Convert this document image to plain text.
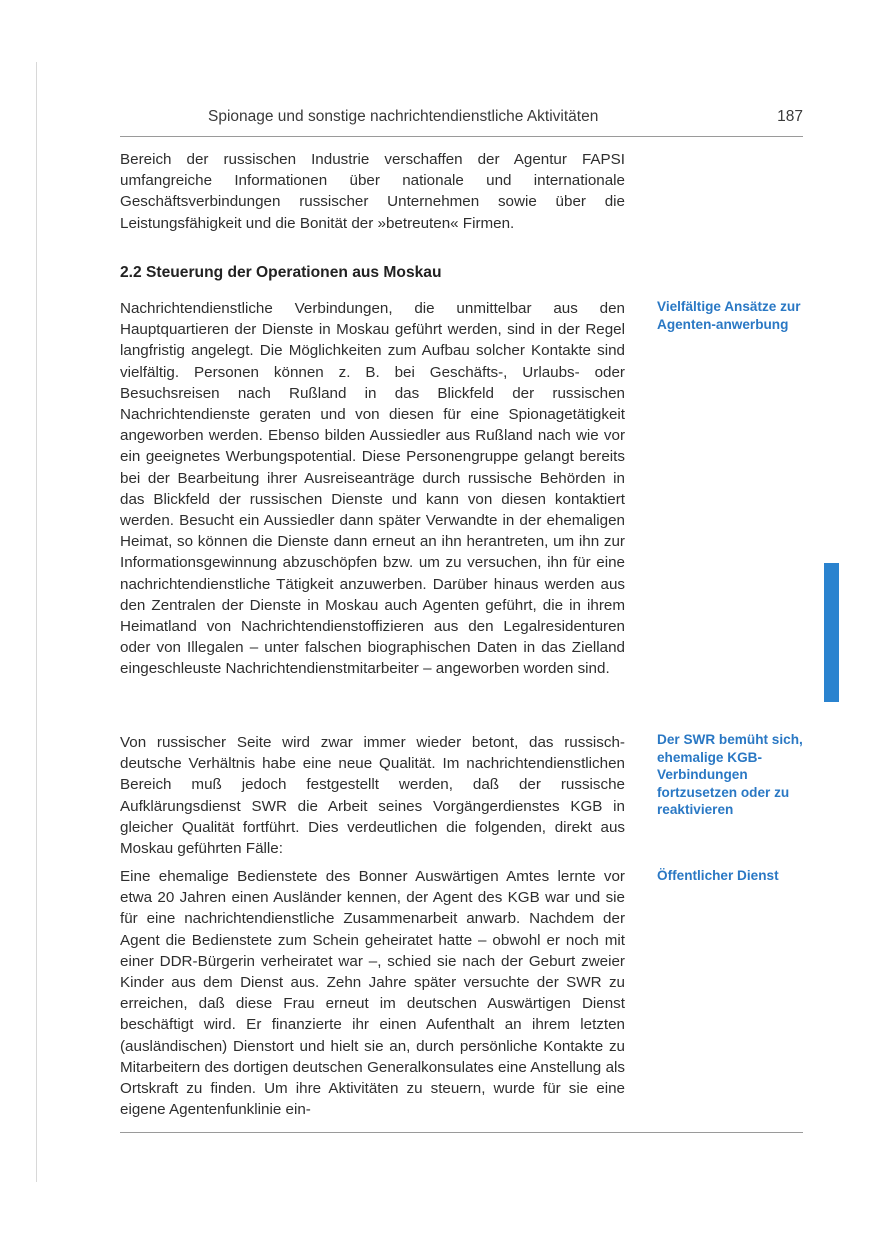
Spionage und sonstige nachrichtendienstliche Aktivitäten	187
Bereich der russischen Industrie verschaffen der Agentur FAPSI umfangreiche Informationen über nationale und internationale Geschäftsverbindungen russischer Unternehmen sowie über die Leistungsfähigkeit und die Bonität der »betreuten« Firmen.
2.2 Steuerung der Operationen aus Moskau
Nachrichtendienstliche Verbindungen, die unmittelbar aus den Hauptquartieren der Dienste in Moskau geführt werden, sind in der Regel langfristig angelegt. Die Möglichkeiten zum Aufbau solcher Kontakte sind vielfältig. Personen können z. B. bei Geschäfts-, Urlaubs- oder Besuchsreisen nach Rußland in das Blickfeld der russischen Nachrichtendienste geraten und von diesen für eine Spionagetätigkeit angeworben werden. Ebenso bilden Aussiedler aus Rußland nach wie vor ein geeignetes Werbungspotential. Diese Personengruppe gelangt bereits bei der Bearbeitung ihrer Ausreiseanträge durch russische Behörden in das Blickfeld der russischen Dienste und kann von diesen kontaktiert werden. Besucht ein Aussiedler dann später Verwandte in der ehemaligen Heimat, so können die Dienste dann erneut an ihn herantreten, um ihn zur Informationsgewinnung abzuschöpfen bzw. um zu versuchen, ihn für eine nachrichtendienstliche Tätigkeit anzuwerben. Darüber hinaus werden aus den Zentralen der Dienste in Moskau auch Agenten geführt, die in ihrem Heimatland von Nachrichtendienstoffizieren aus den Legalresidenturen oder von Illegalen – unter falschen biographischen Daten in das Zielland eingeschleuste Nachrichtendienstmitarbeiter – angeworben worden sind.
Von russischer Seite wird zwar immer wieder betont, das russisch-deutsche Verhältnis habe eine neue Qualität. Im nachrichtendienstlichen Bereich muß jedoch festgestellt werden, daß der russische Aufklärungsdienst SWR die Arbeit seines Vorgängerdienstes KGB in gleicher Qualität fortführt. Dies verdeutlichen die folgenden, direkt aus Moskau geführten Fälle:
Eine ehemalige Bedienstete des Bonner Auswärtigen Amtes lernte vor etwa 20 Jahren einen Ausländer kennen, der Agent des KGB war und sie für eine nachrichtendienstliche Zusammenarbeit anwarb. Nachdem der Agent die Bedienstete zum Schein geheiratet hatte – obwohl er noch mit einer DDR-Bürgerin verheiratet war –, schied sie nach der Geburt zweier Kinder aus dem Dienst aus. Zehn Jahre später versuchte der SWR zu erreichen, daß diese Frau erneut im deutschen Auswärtigen Dienst beschäftigt wird. Er finanzierte ihr einen Aufenthalt an ihrem letzten (ausländischen) Dienstort und hielt sie an, durch persönliche Kontakte zu Mitarbeitern des dortigen deutschen Generalkonsulates eine Anstellung als Ortskraft zu finden. Um ihre Aktivitäten zu steuern, wurde für sie eine eigene Agentenfunklinie ein-
Vielfältige Ansätze zur Agenten-anwerbung
Der SWR bemüht sich, ehemalige KGB-Verbindungen fortzusetzen oder zu reaktivieren
Öffentlicher Dienst
